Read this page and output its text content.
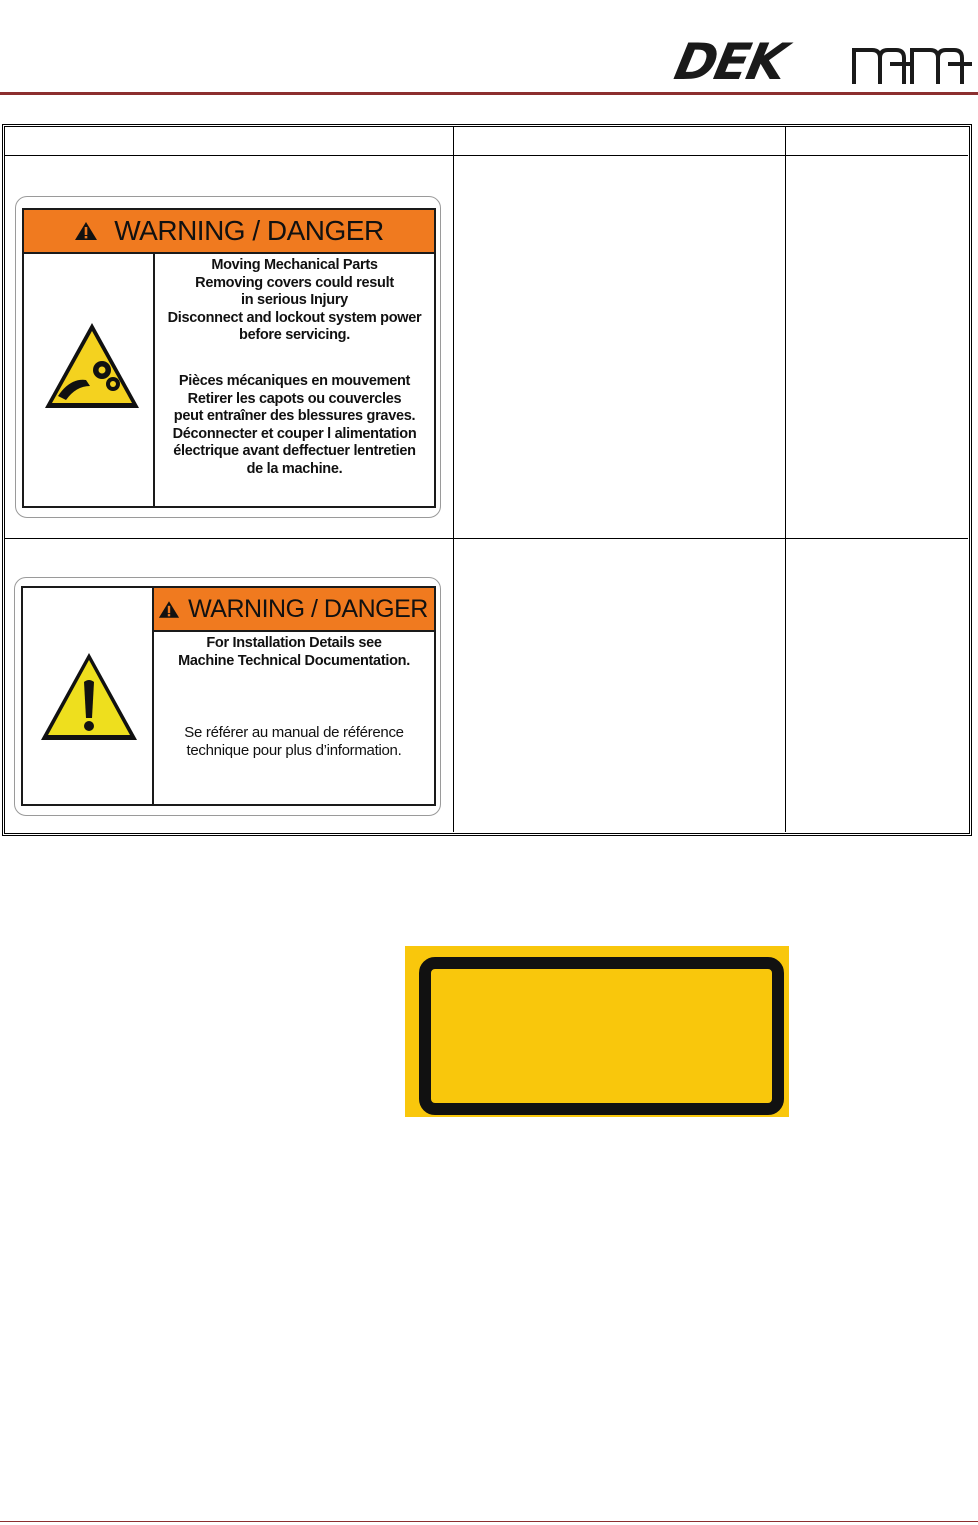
DEK
WARNING / DANGER
Moving Mechanical Parts
Removing covers could result
in serious Injury
Disconnect and lockout system power
before servicing.
Pièces mécaniques en mouvement
Retirer les capots ou couvercles
peut entraîner des blessures graves.
Déconnecter et couper l alimentation
électrique avant deffectuer lentretien
de la machine.
WARNING / DANGER
For Installation Details see
Machine Technical Documentation.
Se référer au manual de référence
technique pour plus d’information.
